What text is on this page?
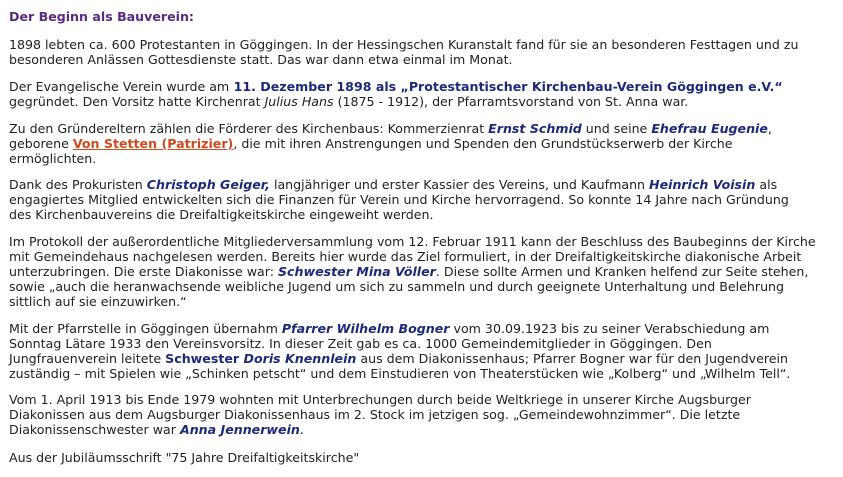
Der Beginn als Bauverein:
1898 lebten ca. 600 Protestanten in Göggingen. In der Hessingschen Kuranstalt fand für sie an besonderen Festtagen und zu
besonderen Anlässen Gottesdienste statt. Das war dann etwa einmal im Monat.
Der Evangelische Verein wurde am 11. Dezember 1898 als „Protestantischer Kirchenbau-Verein Göggingen e.V.“
gegründet. Den Vorsitz hatte Kirchenrat Julius Hans (1875 - 1912), der Pfarramtsvorstand von St. Anna war.
Zu den Gründereltern zählen die Förderer des Kirchenbaus: Kommerzienrat Ernst Schmid und seine Ehefrau Eugenie,
geborene Von Stetten (Patrizier), die mit ihren Anstrengungen und Spenden den Grundstückserwerb der Kirche
ermöglichten.
Dank des Prokuristen Christoph Geiger, langjähriger und erster Kassier des Vereins, und Kaufmann Heinrich Voisin als
engagiertes Mitglied entwickelten sich die Finanzen für Verein und Kirche hervorragend. So konnte 14 Jahre nach Gründung
des Kirchenbauvereins die Dreifaltigkeitskirche eingeweiht werden.
Im Protokoll der außerordentliche Mitgliederversammlung vom 12. Februar 1911 kann der Beschluss des Baubeginns der Kirche
mit Gemeindehaus nachgelesen werden. Bereits hier wurde das Ziel formuliert, in der Dreifaltigkeitskirche diakonische Arbeit
unterzubringen. Die erste Diakonisse war: Schwester Mina Völler. Diese sollte Armen und Kranken helfend zur Seite stehen,
sowie „auch die heranwachsende weibliche Jugend um sich zu sammeln und durch geeignete Unterhaltung und Belehrung
sittlich auf sie einzuwirken.“
Mit der Pfarrstelle in Göggingen übernahm Pfarrer Wilhelm Bogner vom 30.09.1923 bis zu seiner Verabschiedung am
Sonntag Lätare 1933 den Vereinsvorsitz. In dieser Zeit gab es ca. 1000 Gemeindemitglieder in Göggingen. Den
Jungfrauenverein leitete Schwester Doris Knennlein aus dem Diakonissenhaus; Pfarrer Bogner war für den Jugendverein
zuständig – mit Spielen wie „Schinken petscht“ und dem Einstudieren von Theaterstücken wie „Kolberg“ und „Wilhelm Tell“.
Vom 1. April 1913 bis Ende 1979 wohnten mit Unterbrechungen durch beide Weltkriege in unserer Kirche Augsburger
Diakonissen aus dem Augsburger Diakonissenhaus im 2. Stock im jetzigen sog. „Gemeindewohnzimmer“. Die letzte
Diakonissenschwester war Anna Jennerwein.
Aus der Jubiläumsschrift "75 Jahre Dreifaltigkeitskirche"
